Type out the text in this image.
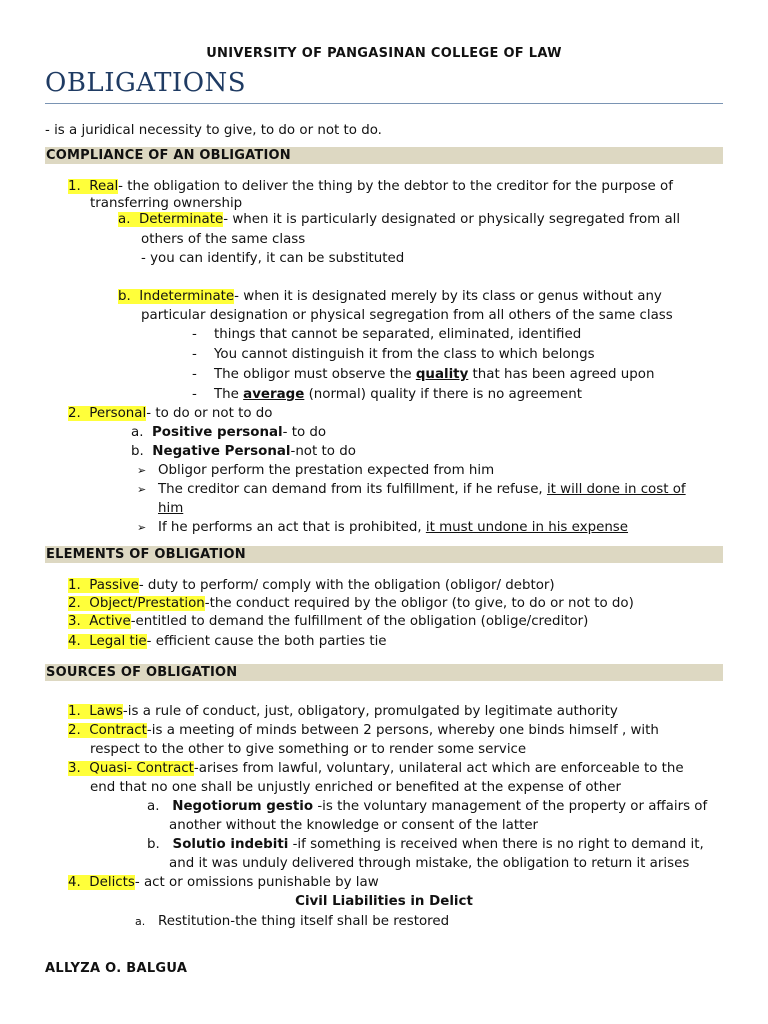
UNIVERSITY OF PANGASINAN COLLEGE OF LAW
OBLIGATIONS
- is a juridical necessity to give, to do or not to do.
COMPLIANCE OF AN OBLIGATION
1. Real- the obligation to deliver the thing by the debtor to the creditor for the purpose of
transferring ownership
a. Determinate- when it is particularly designated or physically segregated from all
others of the same class
- you can identify, it can be substituted
b. Indeterminate- when it is designated merely by its class or genus without any
particular designation or physical segregation from all others of the same class
- things that cannot be separated, eliminated, identified
- You cannot distinguish it from the class to which belongs
- The obligor must observe the quality that has been agreed upon
- The average (normal) quality if there is no agreement
2. Personal- to do or not to do
a. Positive personal- to do
b. Negative Personal-not to do
➢ Obligor perform the prestation expected from him
➢ The creditor can demand from its fulfillment, if he refuse, it will done in cost of
him
➢ If he performs an act that is prohibited, it must undone in his expense
ELEMENTS OF OBLIGATION
1. Passive- duty to perform/ comply with the obligation (obligor/ debtor)
2. Object/Prestation-the conduct required by the obligor (to give, to do or not to do)
3. Active-entitled to demand the fulfillment of the obligation (oblige/creditor)
4. Legal tie- efficient cause the both parties tie
SOURCES OF OBLIGATION
1. Laws-is a rule of conduct, just, obligatory, promulgated by legitimate authority
2. Contract-is a meeting of minds between 2 persons, whereby one binds himself , with
respect to the other to give something or to render some service
3. Quasi- Contract-arises from lawful, voluntary, unilateral act which are enforceable to the
end that no one shall be unjustly enriched or benefited at the expense of other
a. Negotiorum gestio -is the voluntary management of the property or affairs of
another without the knowledge or consent of the latter
b. Solutio indebiti -if something is received when there is no right to demand it,
and it was unduly delivered through mistake, the obligation to return it arises
4. Delicts- act or omissions punishable by law
Civil Liabilities in Delict
a. Restitution-the thing itself shall be restored
ALLYZA O. BALGUA
